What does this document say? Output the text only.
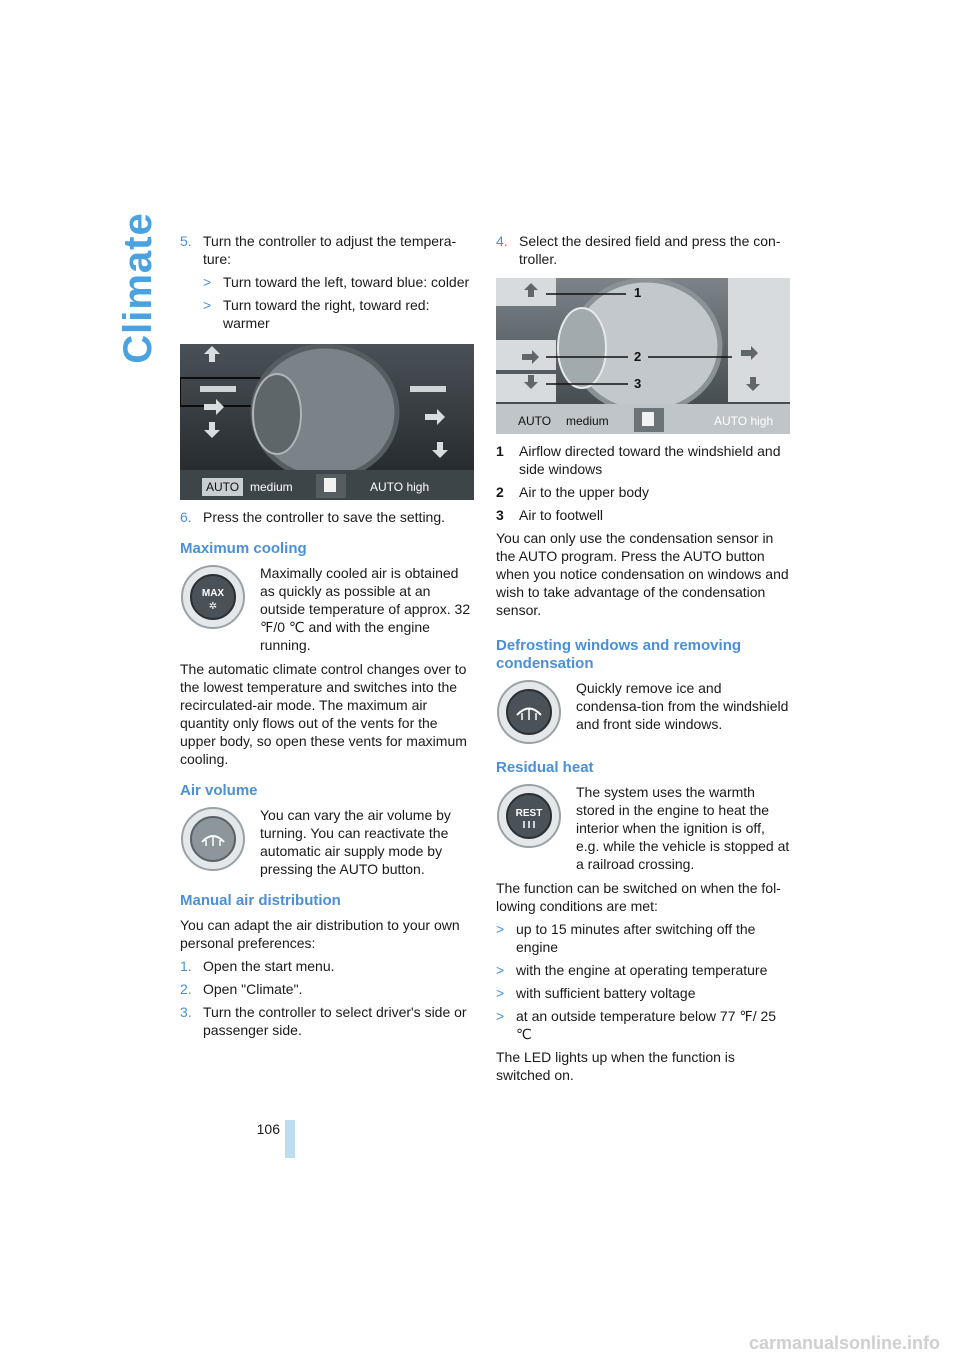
Climate 5. Turn the controller to adjust the tempera-ture:
> Turn toward the left, toward blue: colder
> Turn toward the right, toward red: warmer
AUTO medium	AUTO high
6. Press the controller to save the setting.
Maximum cooling
MAX
✲
Maximally cooled air is obtained as quickly as possible at an outside temperature of approx. 32 ℉/0 ℃ and with the engine running.

The automatic climate control changes over to the lowest temperature and switches into the recirculated-air mode. The maximum air quantity only flows out of the vents for the upper body, so open these vents for maximum cooling.

Air volume
You can vary the air volume by turning. You can reactivate the automatic air supply mode by pressing the AUTO button.
Manual air distribution

You can adapt the air distribution to your own personal preferences:

1. Open the start menu.
2. Open "Climate".
3. Turn the controller to select driver's side or passenger side.
4. Select the desired field and press the con-troller.
1
2
3
AUTO medium	AUTO high
1	Airflow directed toward the windshield and side windows
2	Air to the upper body
3	Air to footwell

You can only use the condensation sensor in the AUTO program. Press the AUTO button when you notice condensation on windows and wish to take advantage of the condensation sensor.

Defrosting windows and removing condensation
Quickly remove ice and condensa-tion from the windshield and front side windows.
Residual heat
REST
The system uses the warmth stored in the engine to heat the interior when the ignition is off, e.g. while the vehicle is stopped at a railroad crossing.

The function can be switched on when the fol-lowing conditions are met:

> up to 15 minutes after switching off the engine
> with the engine at operating temperature
> with sufficient battery voltage
> at an outside temperature below 77 ℉/ 25 ℃

The LED lights up when the function is switched on.

106
carmanualsonline.info
